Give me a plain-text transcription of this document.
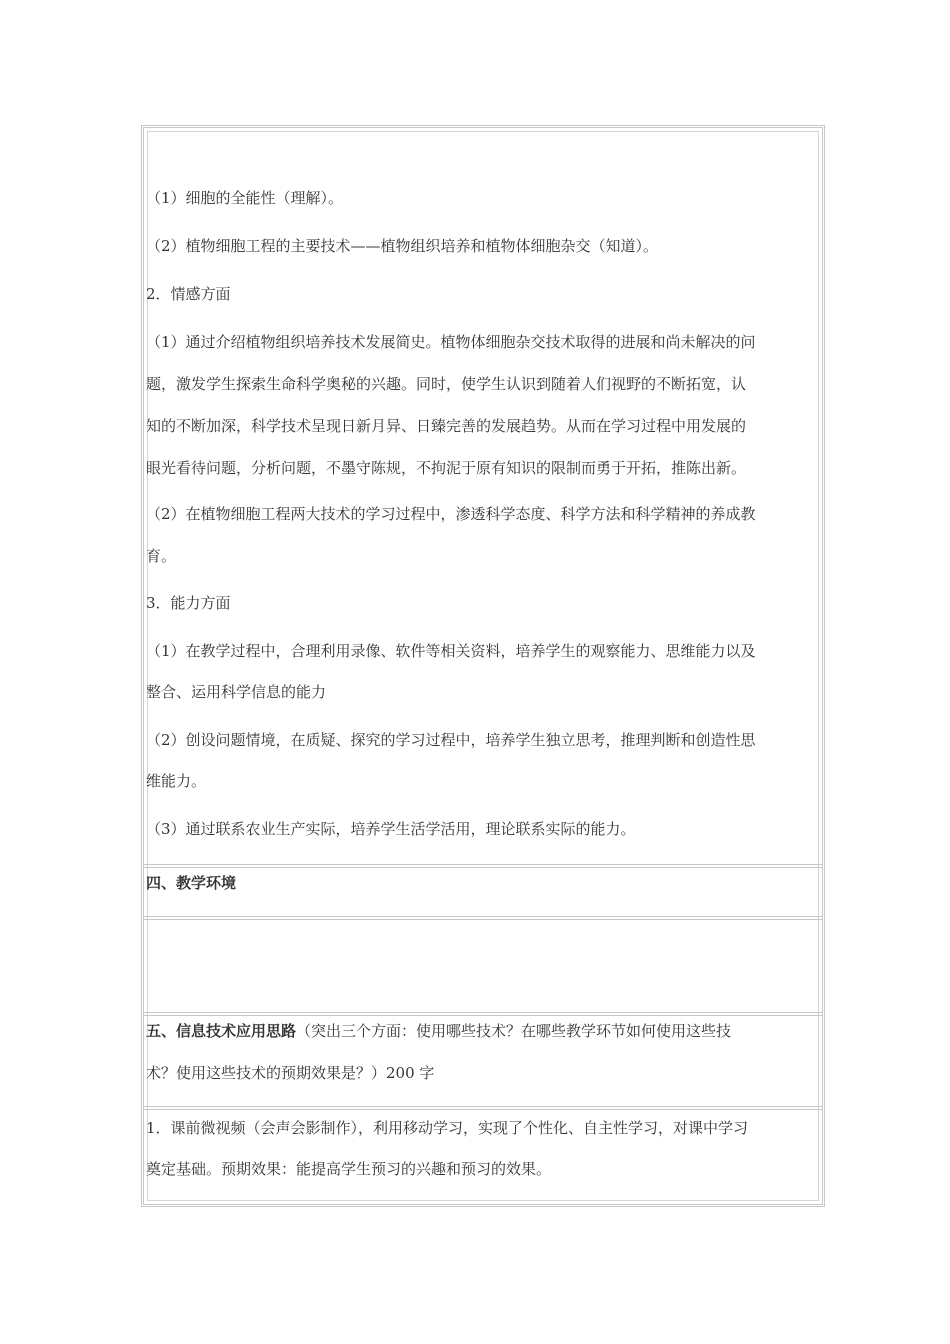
（1）细胞的全能性（理解）。
（2）植物细胞工程的主要技术——植物组织培养和植物体细胞杂交（知道）。
2．情感方面
（1）通过介绍植物组织培养技术发展简史。植物体细胞杂交技术取得的进展和尚未解决的问
题，激发学生探索生命科学奥秘的兴趣。同时，使学生认识到随着人们视野的不断拓宽，认
知的不断加深，科学技术呈现日新月异、日臻完善的发展趋势。从而在学习过程中用发展的
眼光看待问题，分析问题，不墨守陈规，不拘泥于原有知识的限制而勇于开拓，推陈出新。
（2）在植物细胞工程两大技术的学习过程中，渗透科学态度、科学方法和科学精神的养成教
育。
3．能力方面
（1）在教学过程中，合理利用录像、软件等相关资料，培养学生的观察能力、思维能力以及
整合、运用科学信息的能力
（2）创设问题情境，在质疑、探究的学习过程中，培养学生独立思考，推理判断和创造性思
维能力。
（3）通过联系农业生产实际，培养学生活学活用，理论联系实际的能力。
四、教学环境
五、信息技术应用思路（突出三个方面：使用哪些技术？在哪些教学环节如何使用这些技
术？使用这些技术的预期效果是？）200 字
1．课前微视频（会声会影制作），利用移动学习，实现了个性化、自主性学习，对课中学习
奠定基础。预期效果：能提高学生预习的兴趣和预习的效果。
